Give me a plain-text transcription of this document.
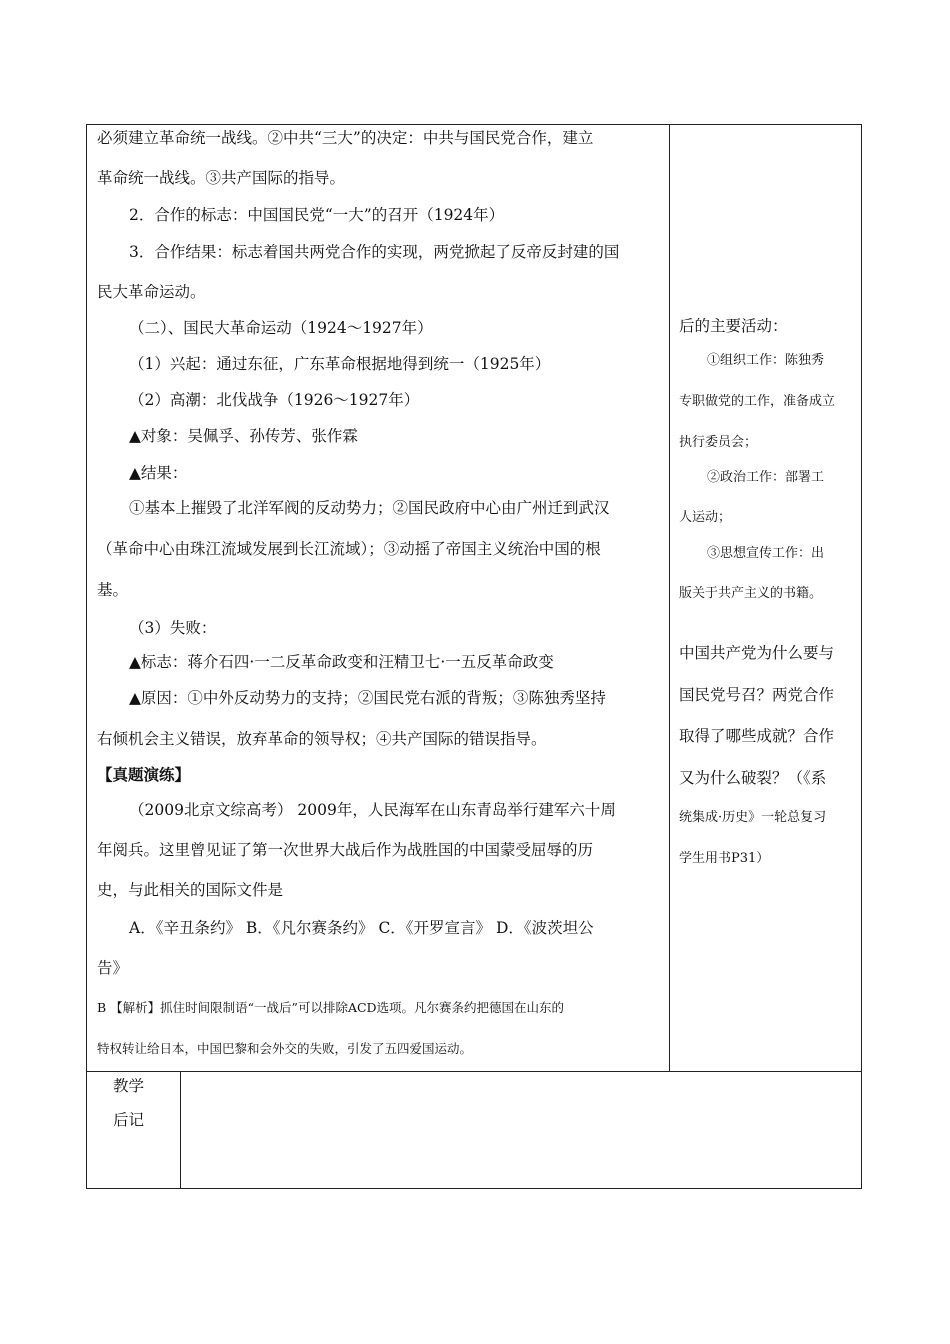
必须建立革命统一战线。②中共“三大”的决定：中共与国民党合作，建立
革命统一战线。③共产国际的指导。
2．合作的标志：中国国民党“一大”的召开（1924年）
3．合作结果：标志着国共两党合作的实现，两党掀起了反帝反封建的国
民大革命运动。
（二）、国民大革命运动（1924～1927年）
（1）兴起：通过东征，广东革命根据地得到统一（1925年）
（2）高潮：北伐战争（1926～1927年）
▲对象：吴佩孚、孙传芳、张作霖
▲结果：
①基本上摧毁了北洋军阀的反动势力；②国民政府中心由广州迁到武汉
（革命中心由珠江流域发展到长江流域）；③动摇了帝国主义统治中国的根
基。
（3）失败：
▲标志：蒋介石四·一二反革命政变和汪精卫七·一五反革命政变
▲原因：①中外反动势力的支持；②国民党右派的背叛；③陈独秀坚持
右倾机会主义错误，放弃革命的领导权；④共产国际的错误指导。
【真题演练】
（2009北京文综高考） 2009年，人民海军在山东青岛举行建军六十周
年阅兵。这里曾见证了第一次世界大战后作为战胜国的中国蒙受屈辱的历
史，与此相关的国际文件是
A．《辛丑条约》 B．《凡尔赛条约》 C．《开罗宣言》 D．《波茨坦公
告》
B 【解析】抓住时间限制语“一战后”可以排除ACD选项。凡尔赛条约把德国在山东的
特权转让给日本，中国巴黎和会外交的失败，引发了五四爱国运动。
后的主要活动：
①组织工作：陈独秀
专职做党的工作，准备成立
执行委员会；
②政治工作：部署工
人运动；
③思想宣传工作：出
版关于共产主义的书籍。
中国共产党为什么要与
国民党号召？两党合作
取得了哪些成就？合作
又为什么破裂？（《系
统集成·历史》一轮总复习
学生用书P31）
教学
后记
